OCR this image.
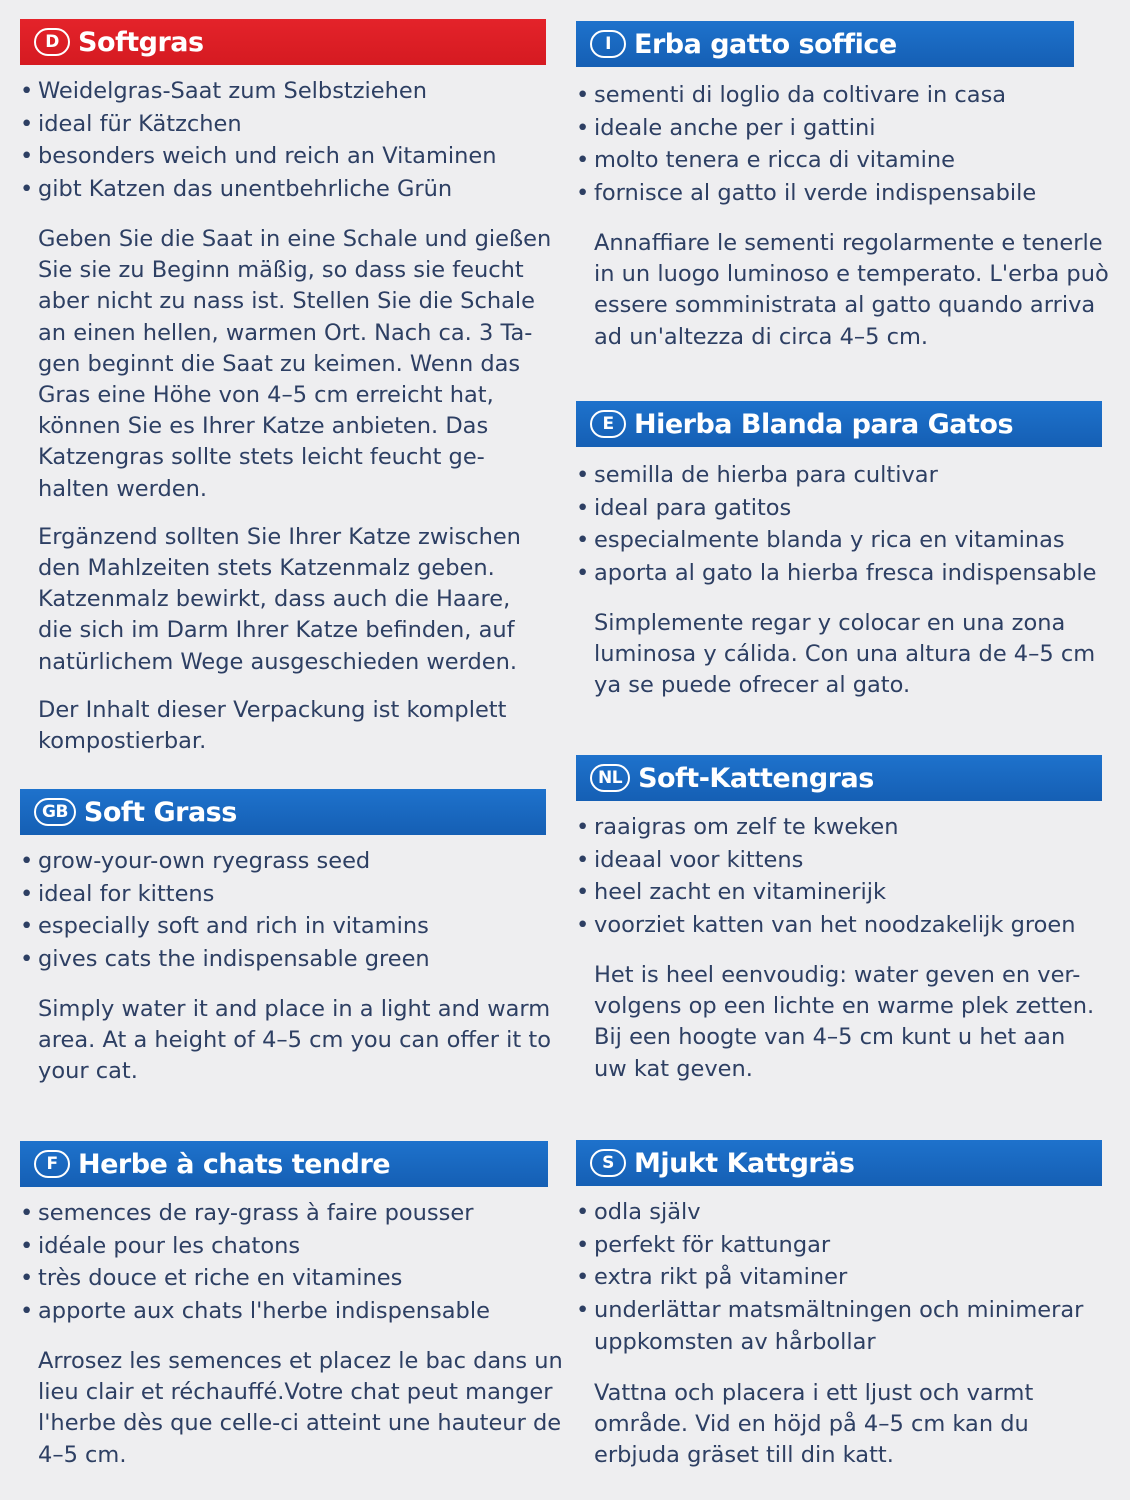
D Softgras
• Weidelgras-Saat zum Selbstziehen
• ideal für Kätzchen
• besonders weich und reich an Vitaminen
• gibt Katzen das unentbehrliche Grün
Geben Sie die Saat in eine Schale und gießen
Sie sie zu Beginn mäßig, so dass sie feucht
aber nicht zu nass ist. Stellen Sie die Schale
an einen hellen, warmen Ort. Nach ca. 3 Ta-
gen beginnt die Saat zu keimen. Wenn das
Gras eine Höhe von 4–5 cm erreicht hat,
können Sie es Ihrer Katze anbieten. Das
Katzengras sollte stets leicht feucht ge-
halten werden.
Ergänzend sollten Sie Ihrer Katze zwischen
den Mahlzeiten stets Katzenmalz geben.
Katzenmalz bewirkt, dass auch die Haare,
die sich im Darm Ihrer Katze befinden, auf
natürlichem Wege ausgeschieden werden.
Der Inhalt dieser Verpackung ist komplett
kompostierbar.
GB Soft Grass
• grow-your-own ryegrass seed
• ideal for kittens
• especially soft and rich in vitamins
• gives cats the indispensable green
Simply water it and place in a light and warm
area. At a height of 4–5 cm you can offer it to
your cat.
F Herbe à chats tendre
• semences de ray-grass à faire pousser
• idéale pour les chatons
• très douce et riche en vitamines
• apporte aux chats l'herbe indispensable
Arrosez les semences et placez le bac dans un
lieu clair et réchauffé.Votre chat peut manger
l'herbe dès que celle-ci atteint une hauteur de
4–5 cm.
I Erba gatto soffice
• sementi di loglio da coltivare in casa
• ideale anche per i gattini
• molto tenera e ricca di vitamine
• fornisce al gatto il verde indispensabile
Annaffiare le sementi regolarmente e tenerle
in un luogo luminoso e temperato. L'erba può
essere somministrata al gatto quando arriva
ad un'altezza di circa 4–5 cm.
E Hierba Blanda para Gatos
• semilla de hierba para cultivar
• ideal para gatitos
• especialmente blanda y rica en vitaminas
• aporta al gato la hierba fresca indispensable
Simplemente regar y colocar en una zona
luminosa y cálida. Con una altura de 4–5 cm
ya se puede ofrecer al gato.
NL Soft-Kattengras
• raaigras om zelf te kweken
• ideaal voor kittens
• heel zacht en vitaminerijk
• voorziet katten van het noodzakelijk groen
Het is heel eenvoudig: water geven en ver-
volgens op een lichte en warme plek zetten.
Bij een hoogte van 4–5 cm kunt u het aan
uw kat geven.
S Mjukt Kattgräs
• odla själv
• perfekt för kattungar
• extra rikt på vitaminer
• underlättar matsmältningen och minimerar
uppkomsten av hårbollar
Vattna och placera i ett ljust och varmt
område. Vid en höjd på 4–5 cm kan du
erbjuda gräset till din katt.
